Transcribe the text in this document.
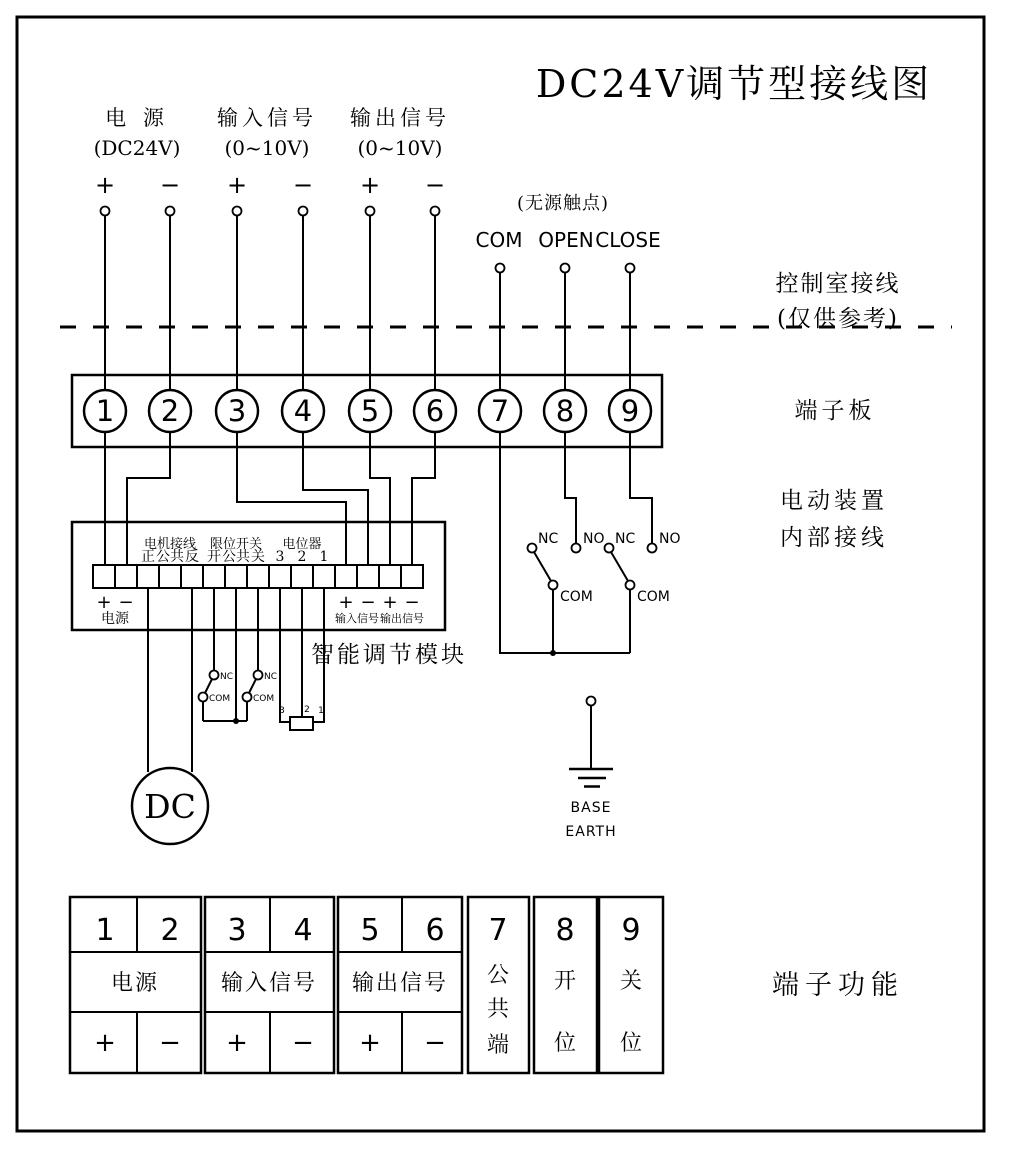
DC24V调节型接线图
电 源
(DC24V)
输入信号
(0~10V)
输出信号
(0~10V)
+ − + − + −
(无源触点)
COM OPEN CLOSE
控制室接线
(仅供参考)
端子板
电动装置
内部接线
1 2 3 4 5 6 7 8 9
电机接线 限位开关 电位器
正 公共 反 开 公共 关 3 2 1
+ −
电源
+ − + −
输入信号 输出信号
智能调节模块
DC
NC
COM
NC
COM
3 2 1
NC NO NC NO
COM	COM
BASE
EARTH
1 2 3 4 5 6 7 8 9
电源	输入信号 输出信号
+ − + − + −
公
共
端
开
位
关
位
端子功能
